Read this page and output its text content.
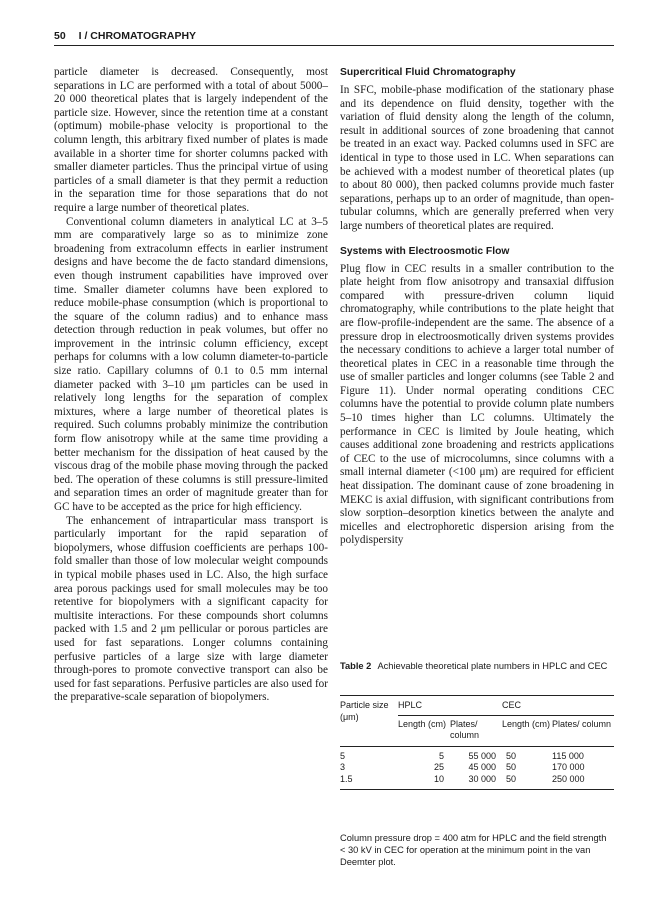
50 I / CHROMATOGRAPHY

particle diameter is decreased. Consequently, most separations in LC are performed with a total of about 5000–20 000 theoretical plates that is largely independent of the particle size. However, since the retention time at a constant (optimum) mobile-phase velocity is proportional to the column length, this arbitrary fixed number of plates is made available in a shorter time for shorter columns packed with smaller diameter particles. Thus the principal virtue of using particles of a small diameter is that they permit a reduction in the separation time for those separations that do not require a large number of theoretical plates.

Conventional column diameters in analytical LC at 3–5 mm are comparatively large so as to minimize zone broadening from extracolumn effects in earlier instrument designs and have become the de facto standard dimensions, even though instrument capabilities have improved over time. Smaller diameter columns have been explored to reduce mobile-phase consumption (which is proportional to the square of the column radius) and to enhance mass detection through reduction in peak volumes, but offer no improvement in the intrinsic column efficiency, except perhaps for columns with a low column diameter-to-particle size ratio. Capillary columns of 0.1 to 0.5 mm internal diameter packed with 3–10 μm particles can be used in relatively long lengths for the separation of complex mixtures, where a large number of theoretical plates is required. Such columns probably minimize the contribution form flow anisotropy while at the same time providing a better mechanism for the dissipation of heat caused by the viscous drag of the mobile phase moving through the packed bed. The operation of these columns is still pressure-limited and separation times an order of magnitude greater than for GC have to be accepted as the price for high efficiency.

The enhancement of intraparticular mass transport is particularly important for the rapid separation of biopolymers, whose diffusion coefficients are perhaps 100-fold smaller than those of low molecular weight compounds in typical mobile phases used in LC. Also, the high surface area porous packings used for small molecules may be too retentive for biopolymers with a significant capacity for multisite interactions. For these compounds short columns packed with 1.5 and 2 μm pellicular or porous particles are used for fast separations. Longer columns containing perfusive particles of a large size with large diameter through-pores to promote convective transport can also be used for fast separations. Perfusive particles are also used for the preparative-scale separation of biopolymers.

Supercritical Fluid Chromatography

In SFC, mobile-phase modification of the stationary phase and its dependence on fluid density, together with the variation of fluid density along the length of the column, result in additional sources of zone broadening that cannot be treated in an exact way. Packed columns used in SFC are identical in type to those used in LC. When separations can be achieved with a modest number of theoretical plates (up to about 80 000), then packed columns provide much faster separations, perhaps up to an order of magnitude, than open-tubular columns, which are generally preferred when very large numbers of theoretical plates are required.

Systems with Electroosmotic Flow

Plug flow in CEC results in a smaller contribution to the plate height from flow anisotropy and transaxial diffusion compared with pressure-driven column liquid chromatography, while contributions to the plate height that are flow-profile-independent are the same. The absence of a pressure drop in electroosmotically driven systems provides the necessary conditions to achieve a larger total number of theoretical plates in CEC in a reasonable time through the use of smaller particles and longer columns (see Table 2 and Figure 11). Under normal operating conditions CEC columns have the potential to provide column plate numbers 5–10 times higher than LC columns. Ultimately the performance in CEC is limited by Joule heating, which causes additional zone broadening and restricts applications of CEC to the use of microcolumns, since columns with a small internal diameter (<100 μm) are required for efficient heat dissipation. The dominant cause of zone broadening in MEKC is axial diffusion, with significant contributions from slow sorption–desorption kinetics between the analyte and micelles and electrophoretic dispersion arising from the polydispersity

Table 2 Achievable theoretical plate numbers in HPLC and CEC
Particle size (μm)	HPLC		CEC	
	Length (cm)	Plates/ column	Length (cm)	Plates/ column
5	5	55 000	50	115 000
3	25	45 000	50	170 000
1.5	10	30 000	50	250 000
Column pressure drop = 400 atm for HPLC and the field strength < 30 kV in CEC for operation at the minimum point in the van Deemter plot.
